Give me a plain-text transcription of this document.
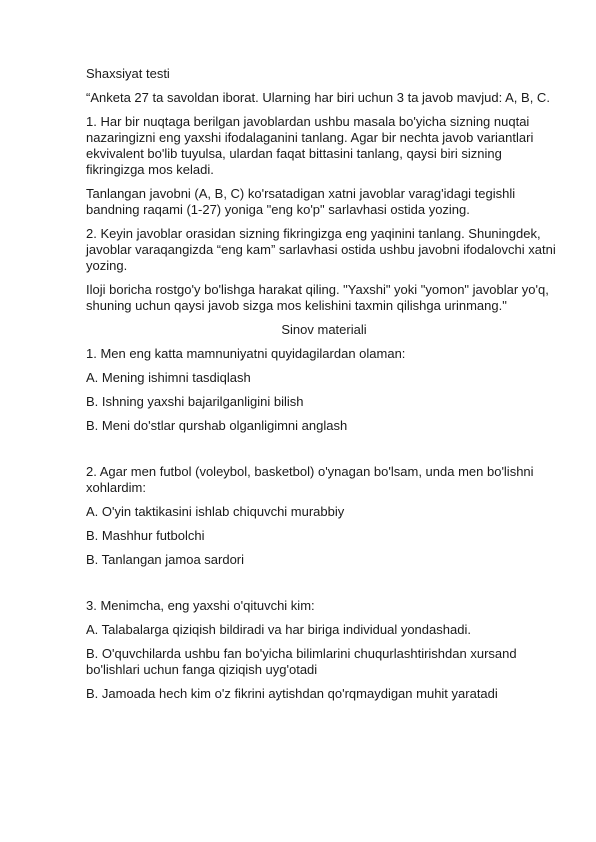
Shaxsiyat testi

“Anketa 27 ta savoldan iborat. Ularning har biri uchun 3 ta javob mavjud: A, B, C.

1. Har bir nuqtaga berilgan javoblardan ushbu masala bo'yicha sizning nuqtai nazaringizni eng yaxshi ifodalaganini tanlang. Agar bir nechta javob variantlari ekvivalent bo'lib tuyulsa, ulardan faqat bittasini tanlang, qaysi biri sizning fikringizga mos keladi.

Tanlangan javobni (A, B, C) ko'rsatadigan xatni javoblar varag'idagi tegishli bandning raqami (1-27) yoniga "eng ko'p" sarlavhasi ostida yozing.

2. Keyin javoblar orasidan sizning fikringizga eng yaqinini tanlang. Shuningdek, javoblar varaqangizda “eng kam” sarlavhasi ostida ushbu javobni ifodalovchi xatni yozing.

Iloji boricha rostgo'y bo'lishga harakat qiling. "Yaxshi" yoki "yomon" javoblar yo'q, shuning uchun qaysi javob sizga mos kelishini taxmin qilishga urinmang."

Sinov materiali

1. Men eng katta mamnuniyatni quyidagilardan olaman:

A. Mening ishimni tasdiqlash

B. Ishning yaxshi bajarilganligini bilish

B. Meni do'stlar qurshab olganligimni anglash

2. Agar men futbol (voleybol, basketbol) o'ynagan bo'lsam, unda men bo'lishni xohlardim:

A. O'yin taktikasini ishlab chiquvchi murabbiy

B. Mashhur futbolchi

B. Tanlangan jamoa sardori

3. Menimcha, eng yaxshi o'qituvchi kim:

A. Talabalarga qiziqish bildiradi va har biriga individual yondashadi.

B. O'quvchilarda ushbu fan bo'yicha bilimlarini chuqurlashtirishdan xursand bo'lishlari uchun fanga qiziqish uyg'otadi

B. Jamoada hech kim o'z fikrini aytishdan qo'rqmaydigan muhit yaratadi
